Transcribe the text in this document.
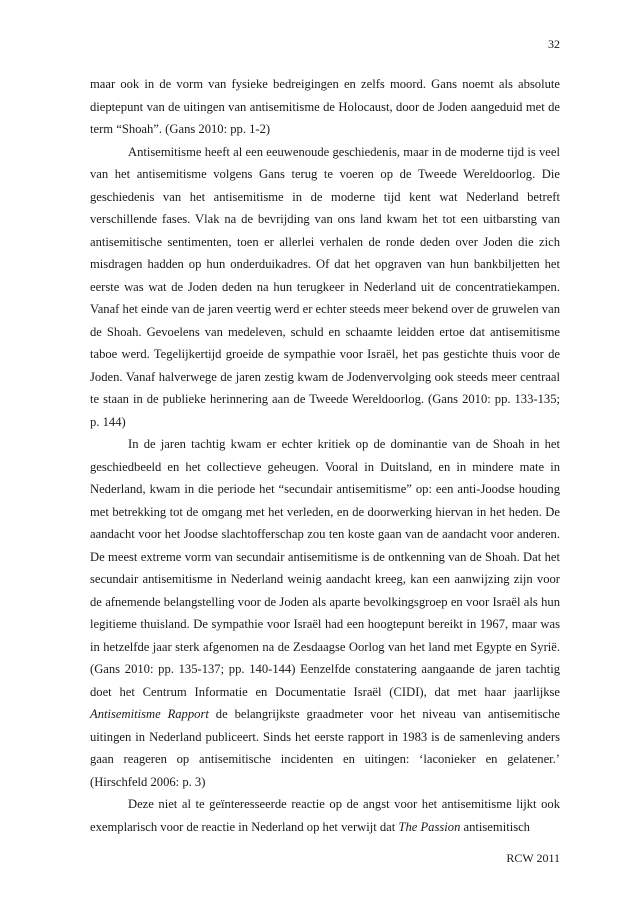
32

maar ook in de vorm van fysieke bedreigingen en zelfs moord. Gans noemt als absolute dieptepunt van de uitingen van antisemitisme de Holocaust, door de Joden aangeduid met de term “Shoah”. (Gans 2010: pp. 1-2)

Antisemitisme heeft al een eeuwenoude geschiedenis, maar in de moderne tijd is veel van het antisemitisme volgens Gans terug te voeren op de Tweede Wereldoorlog. Die geschiedenis van het antisemitisme in de moderne tijd kent wat Nederland betreft verschillende fases. Vlak na de bevrijding van ons land kwam het tot een uitbarsting van antisemitische sentimenten, toen er allerlei verhalen de ronde deden over Joden die zich misdragen hadden op hun onderduikadres. Of dat het opgraven van hun bankbiljetten het eerste was wat de Joden deden na hun terugkeer in Nederland uit de concentratiekampen. Vanaf het einde van de jaren veertig werd er echter steeds meer bekend over de gruwelen van de Shoah. Gevoelens van medeleven, schuld en schaamte leidden ertoe dat antisemitisme taboe werd. Tegelijkertijd groeide de sympathie voor Israël, het pas gestichte thuis voor de Joden. Vanaf halverwege de jaren zestig kwam de Jodenvervolging ook steeds meer centraal te staan in de publieke herinnering aan de Tweede Wereldoorlog. (Gans 2010: pp. 133-135; p. 144)

In de jaren tachtig kwam er echter kritiek op de dominantie van de Shoah in het geschiedbeeld en het collectieve geheugen. Vooral in Duitsland, en in mindere mate in Nederland, kwam in die periode het “secundair antisemitisme” op: een anti-Joodse houding met betrekking tot de omgang met het verleden, en de doorwerking hiervan in het heden. De aandacht voor het Joodse slachtofferschap zou ten koste gaan van de aandacht voor anderen. De meest extreme vorm van secundair antisemitisme is de ontkenning van de Shoah. Dat het secundair antisemitisme in Nederland weinig aandacht kreeg, kan een aanwijzing zijn voor de afnemende belangstelling voor de Joden als aparte bevolkingsgroep en voor Israël als hun legitieme thuisland. De sympathie voor Israël had een hoogtepunt bereikt in 1967, maar was in hetzelfde jaar sterk afgenomen na de Zesdaagse Oorlog van het land met Egypte en Syrië. (Gans 2010: pp. 135-137; pp. 140-144) Eenzelfde constatering aangaande de jaren tachtig doet het Centrum Informatie en Documentatie Israël (CIDI), dat met haar jaarlijkse Antisemitisme Rapport de belangrijkste graadmeter voor het niveau van antisemitische uitingen in Nederland publiceert. Sinds het eerste rapport in 1983 is de samenleving anders gaan reageren op antisemitische incidenten en uitingen: ‘laconieker en gelatener.’ (Hirschfeld 2006: p. 3)

Deze niet al te geïnteresseerde reactie op de angst voor het antisemitisme lijkt ook exemplarisch voor de reactie in Nederland op het verwijt dat The Passion antisemitisch

RCW 2011
